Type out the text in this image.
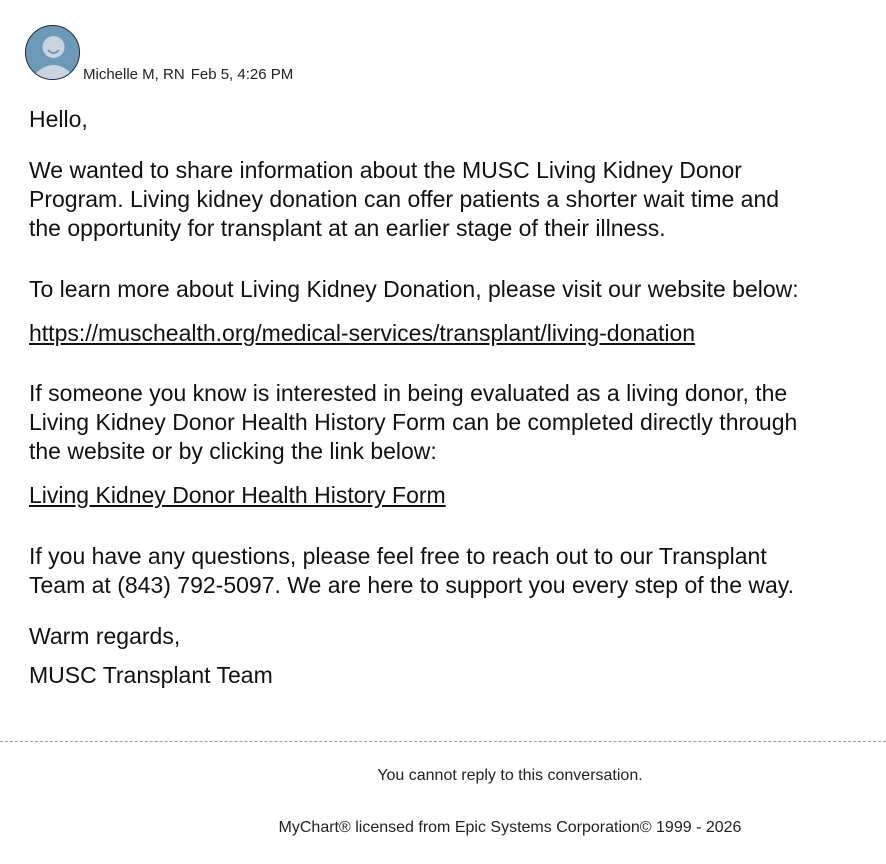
Michelle M, RN Feb 5, 4:26 PM
Hello,
We wanted to share information about the MUSC Living Kidney Donor
Program. Living kidney donation can offer patients a shorter wait time and
the opportunity for transplant at an earlier stage of their illness.
To learn more about Living Kidney Donation, please visit our website below:
https://muschealth.org/medical-services/transplant/living-donation
If someone you know is interested in being evaluated as a living donor, the
Living Kidney Donor Health History Form can be completed directly through
the website or by clicking the link below:
Living Kidney Donor Health History Form
If you have any questions, please feel free to reach out to our Transplant
Team at (843) 792-5097. We are here to support you every step of the way.
Warm regards,
MUSC Transplant Team
You cannot reply to this conversation.
MyChart® licensed from Epic Systems Corporation© 1999 - 2026
